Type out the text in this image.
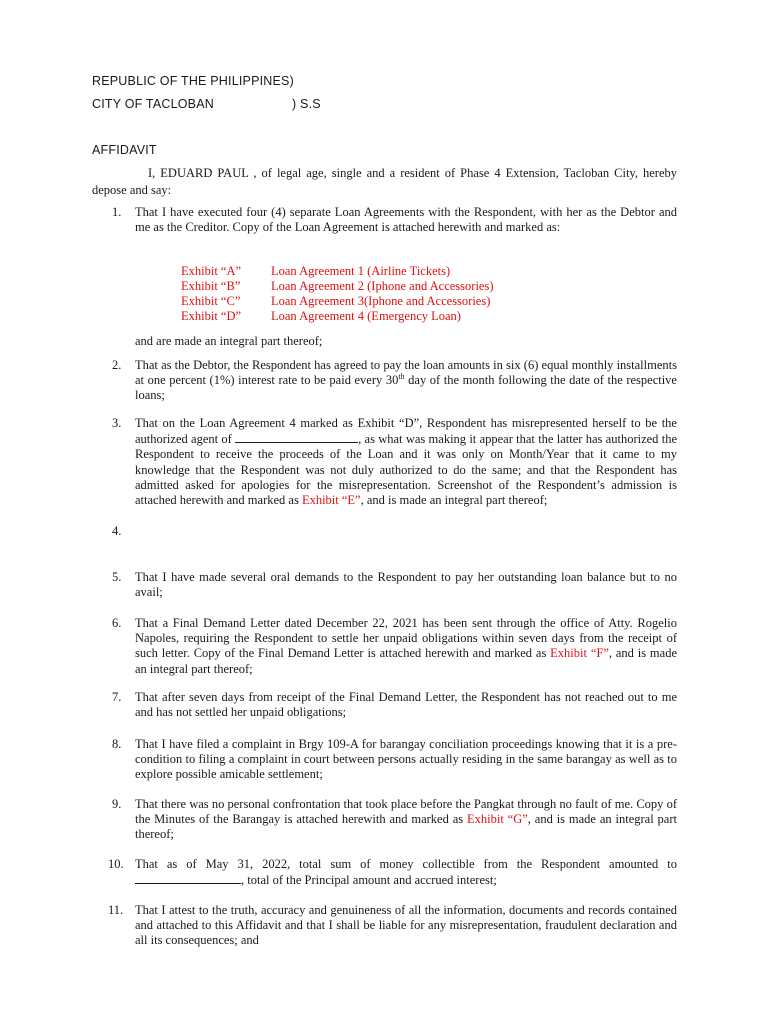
REPUBLIC OF THE PHILIPPINES)
CITY OF TACLOBAN	) S.S
AFFIDAVIT

I, EDUARD PAUL , of legal age, single and a resident of Phase 4 Extension, Tacloban City, hereby depose and say:

1.	That I have executed four (4) separate Loan Agreements with the Respondent, with her as the Debtor and me as the Creditor. Copy of the Loan Agreement is attached herewith and marked as:
Exhibit “A” Loan Agreement 1 (Airline Tickets)
Exhibit “B” Loan Agreement 2 (Iphone and Accessories)
Exhibit “C” Loan Agreement 3(Iphone and Accessories)
Exhibit “D” Loan Agreement 4 (Emergency Loan)
and are made an integral part thereof;
2.	That as the Debtor, the Respondent has agreed to pay the loan amounts in six (6) equal monthly installments at one percent (1%) interest rate to be paid every 30th day of the month following the date of the respective loans;
3.	That on the Loan Agreement 4 marked as Exhibit “D”, Respondent has misrepresented herself to be the authorized agent of	, as what was making it appear that the latter has authorized the Respondent to receive the proceeds of the Loan and it was only on Month/Year that it came to my knowledge that the Respondent was not duly authorized to do the same; and that the Respondent has admitted asked for apologies for the misrepresentation. Screenshot of the Respondent’s admission is attached herewith and marked as Exhibit “E”, and is made an integral part thereof;
4.
5.	That I have made several oral demands to the Respondent to pay her outstanding loan balance but to no avail;
6.	That a Final Demand Letter dated December 22, 2021 has been sent through the office of Atty. Rogelio Napoles, requiring the Respondent to settle her unpaid obligations within seven days from the receipt of such letter. Copy of the Final Demand Letter is attached herewith and marked as Exhibit “F”, and is made an integral part thereof;
7.	That after seven days from receipt of the Final Demand Letter, the Respondent has not reached out to me and has not settled her unpaid obligations;
8.	That I have filed a complaint in Brgy 109-A for barangay conciliation proceedings knowing that it is a pre-condition to filing a complaint in court between persons actually residing in the same barangay as well as to explore possible amicable settlement;
9.	That there was no personal confrontation that took place before the Pangkat through no fault of me. Copy of the Minutes of the Barangay is attached herewith and marked as Exhibit “G”, and is made an integral part thereof;
10. That as of May 31, 2022, total sum of money collectible from the Respondent amounted to , total of the Principal amount and accrued interest;
11. That I attest to the truth, accuracy and genuineness of all the information, documents and records contained and attached to this Affidavit and that I shall be liable for any misrepresentation, fraudulent declaration and all its consequences; and
